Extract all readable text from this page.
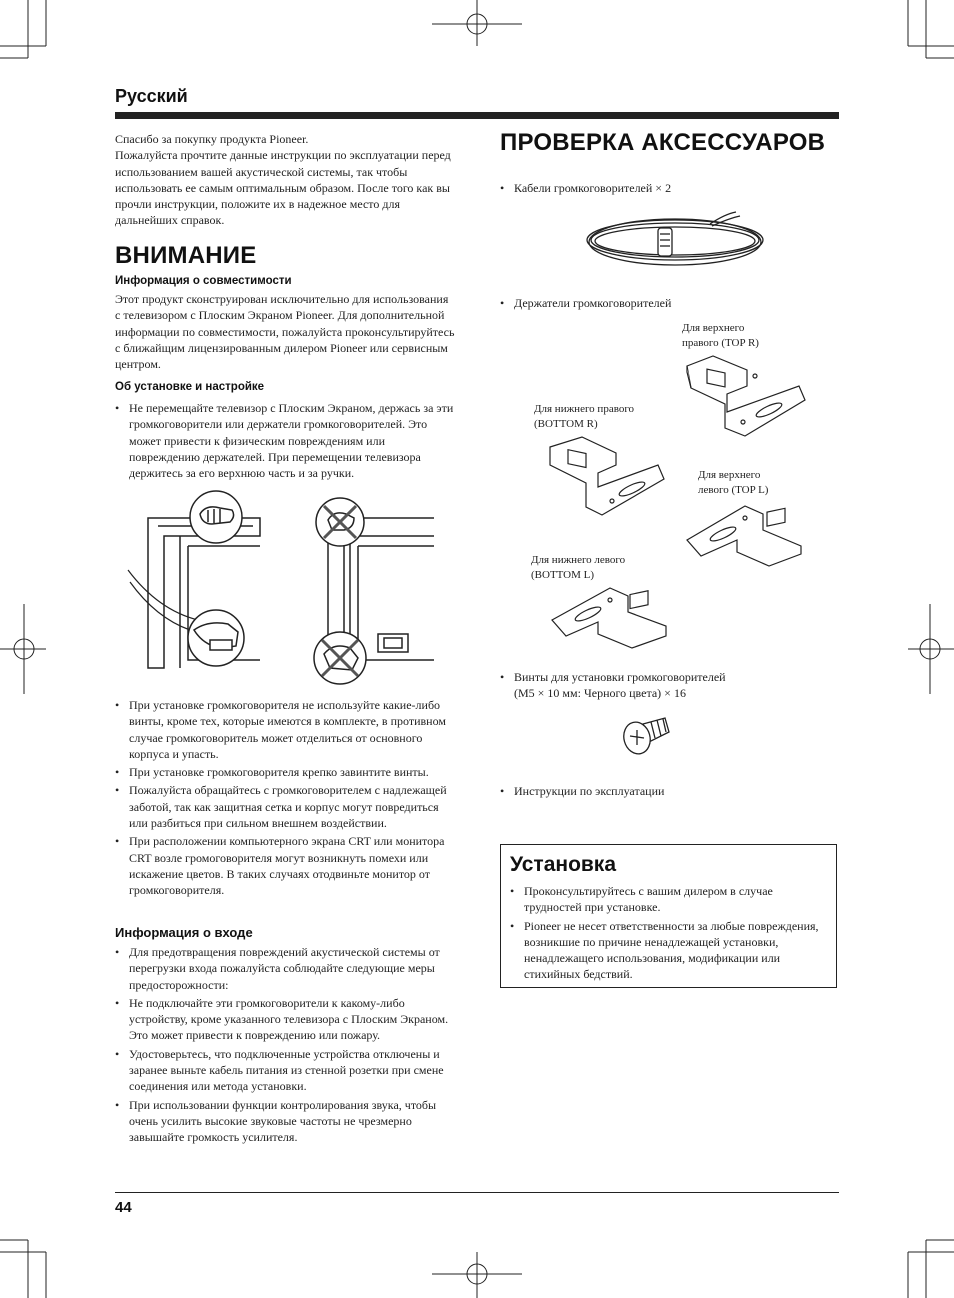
Русский
Спасибо за покупку продукта Pioneer.
Пожалуйста прочтите данные инструкции по эксплуатации перед использованием вашей акустической системы, так чтобы использовать ее самым оптимальным образом. После того как вы прочли инструкции, положите их в надежное место для дальнейших справок.
ВНИМАНИЕ
Информация о совместимости
Этот продукт сконструирован исключительно для использования с телевизором с Плоским Экраном Pioneer. Для дополнительной информации по совместимости, пожалуйста проконсультируйтесь с ближайщим лицензированным дилером Pioneer или сервисным центром.
Об установке и настройке
• Не перемещайте телевизор с Плоским Экраном, держась за эти громкоговорители или держатели громкоговорителей. Это может привести к физическим повреждениям или повреждению держателей. При перемещении телевизора держитесь за его верхнюю часть и за ручки.
• При установке громкоговорителя не используйте какие-либо винты, кроме тех, которые имеются в комплекте, в противном случае громкоговоритель может отделиться от основного корпуса и упасть.
• При установке громкоговорителя крепко завинтите винты.
• Пожалуйста обращайтесь с громкоговорителем с надлежащей заботой, так как защитная сетка и корпус могут повредиться или разбиться при сильном внешнем воздействии.
• При расположении компьютерного экрана CRT или монитора CRT возле громоговорителя могут возникнуть помехи или искажение цветов. В таких случаях отодвиньте монитор от громкоговорителя.
Информация о входе
• Для предотвращения повреждений акустической системы от перегрузки входа пожалуйста соблюдайте следующие меры предосторожности:
• Не подключайте эти громкоговорители к какому-либо устройству, кроме указанного телевизора с Плоским Экраном. Это может привести к повреждению или пожару.
• Удостоверьтесь, что подключенные устройства отключены и заранее выньте кабель питания из стенной розетки при смене соединения или метода установки.
• При использовании функции контролирования звука, чтобы очень усилить высокие звуковые частоты не чрезмерно завышайте громкость усилителя.
ПРОВЕРКА АКСЕССУАРОВ
• Кабели громкоговорителей × 2
• Держатели громкоговорителей
Для верхнего
правого (TOP R)
Для нижнего правого
(BOTTOM R)
Для верхнего
левого (TOP L)
Для нижнего левого
(BOTTOM L)
• Винты для установки громкоговорителей
(M5 × 10 мм: Черного цвета) × 16
• Инструкции по эксплуатации
Установка
• Проконсультируйтесь с вашим дилером в случае трудностей при установке.
• Pioneer не несет ответственности за любые повреждения, возникшие по причине ненадлежащей установки, ненадлежащего использования, модификации или стихийных бедствий.
44
